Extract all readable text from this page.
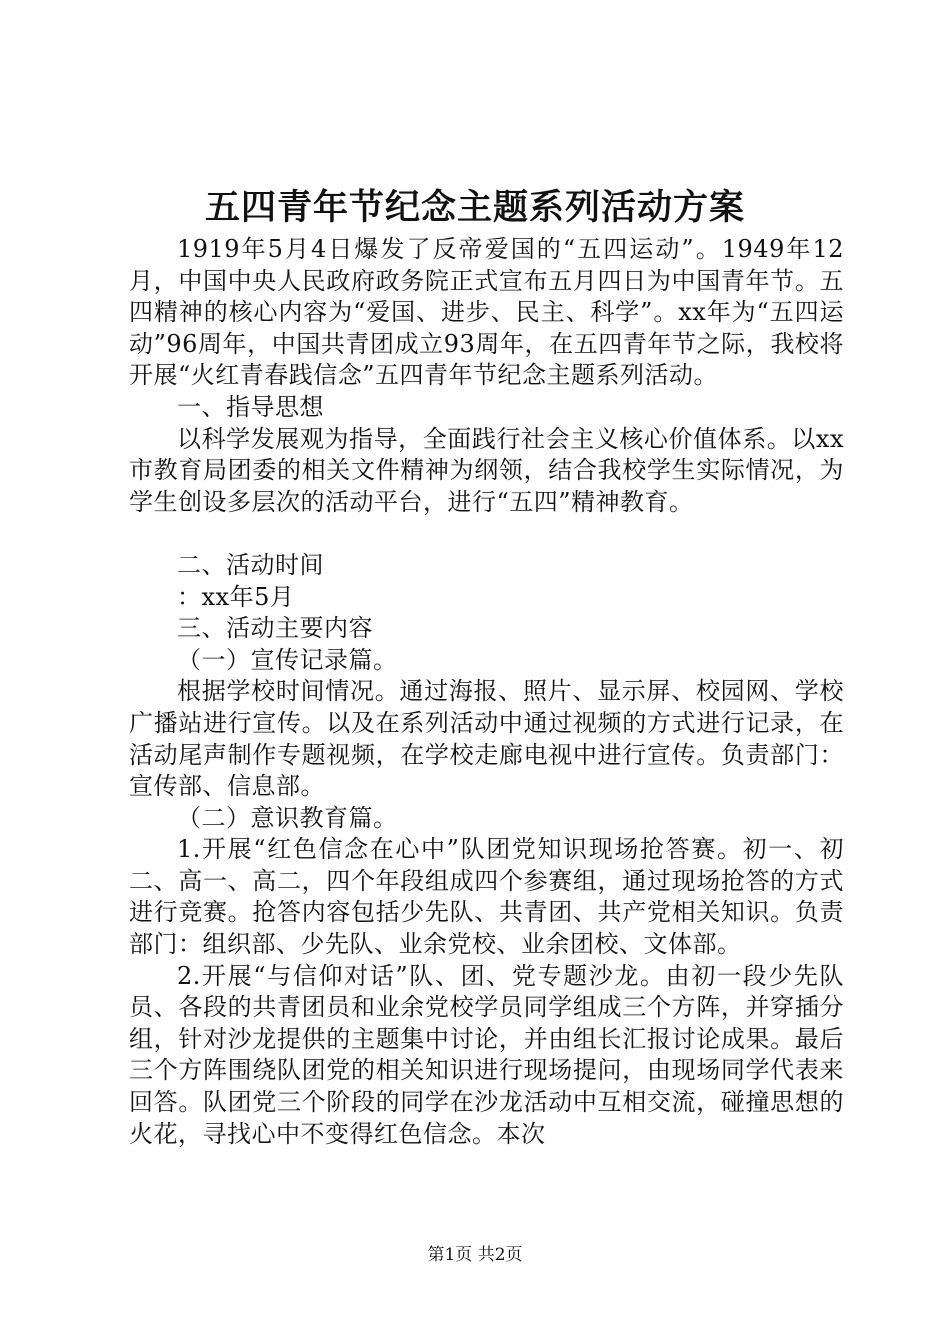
五四青年节纪念主题系列活动方案

1919年5月4日爆发了反帝爱国的“五四运动”。1949年12月，中国中央人民政府政务院正式宣布五月四日为中国青年节。五四精神的核心内容为“爱国、进步、民主、科学”。xx年为“五四运动”96周年，中国共青团成立93周年，在五四青年节之际，我校将开展“火红青春践信念”五四青年节纪念主题系列活动。

一、指导思想

以科学发展观为指导，全面践行社会主义核心价值体系。以xx市教育局团委的相关文件精神为纲领，结合我校学生实际情况，为学生创设多层次的活动平台，进行“五四”精神教育。

二、活动时间

：xx年5月

三、活动主要内容

（一）宣传记录篇。

根据学校时间情况。通过海报、照片、显示屏、校园网、学校广播站进行宣传。以及在系列活动中通过视频的方式进行记录，在活动尾声制作专题视频，在学校走廊电视中进行宣传。负责部门：宣传部、信息部。

（二）意识教育篇。

1.开展“红色信念在心中”队团党知识现场抢答赛。初一、初二、高一、高二，四个年段组成四个参赛组，通过现场抢答的方式进行竞赛。抢答内容包括少先队、共青团、共产党相关知识。负责部门：组织部、少先队、业余党校、业余团校、文体部。

2.开展“与信仰对话”队、团、党专题沙龙。由初一段少先队员、各段的共青团员和业余党校学员同学组成三个方阵，并穿插分组，针对沙龙提供的主题集中讨论，并由组长汇报讨论成果。最后三个方阵围绕队团党的相关知识进行现场提问，由现场同学代表来回答。队团党三个阶段的同学在沙龙活动中互相交流，碰撞思想的火花，寻找心中不变得红色信念。本次

第1页 共2页
